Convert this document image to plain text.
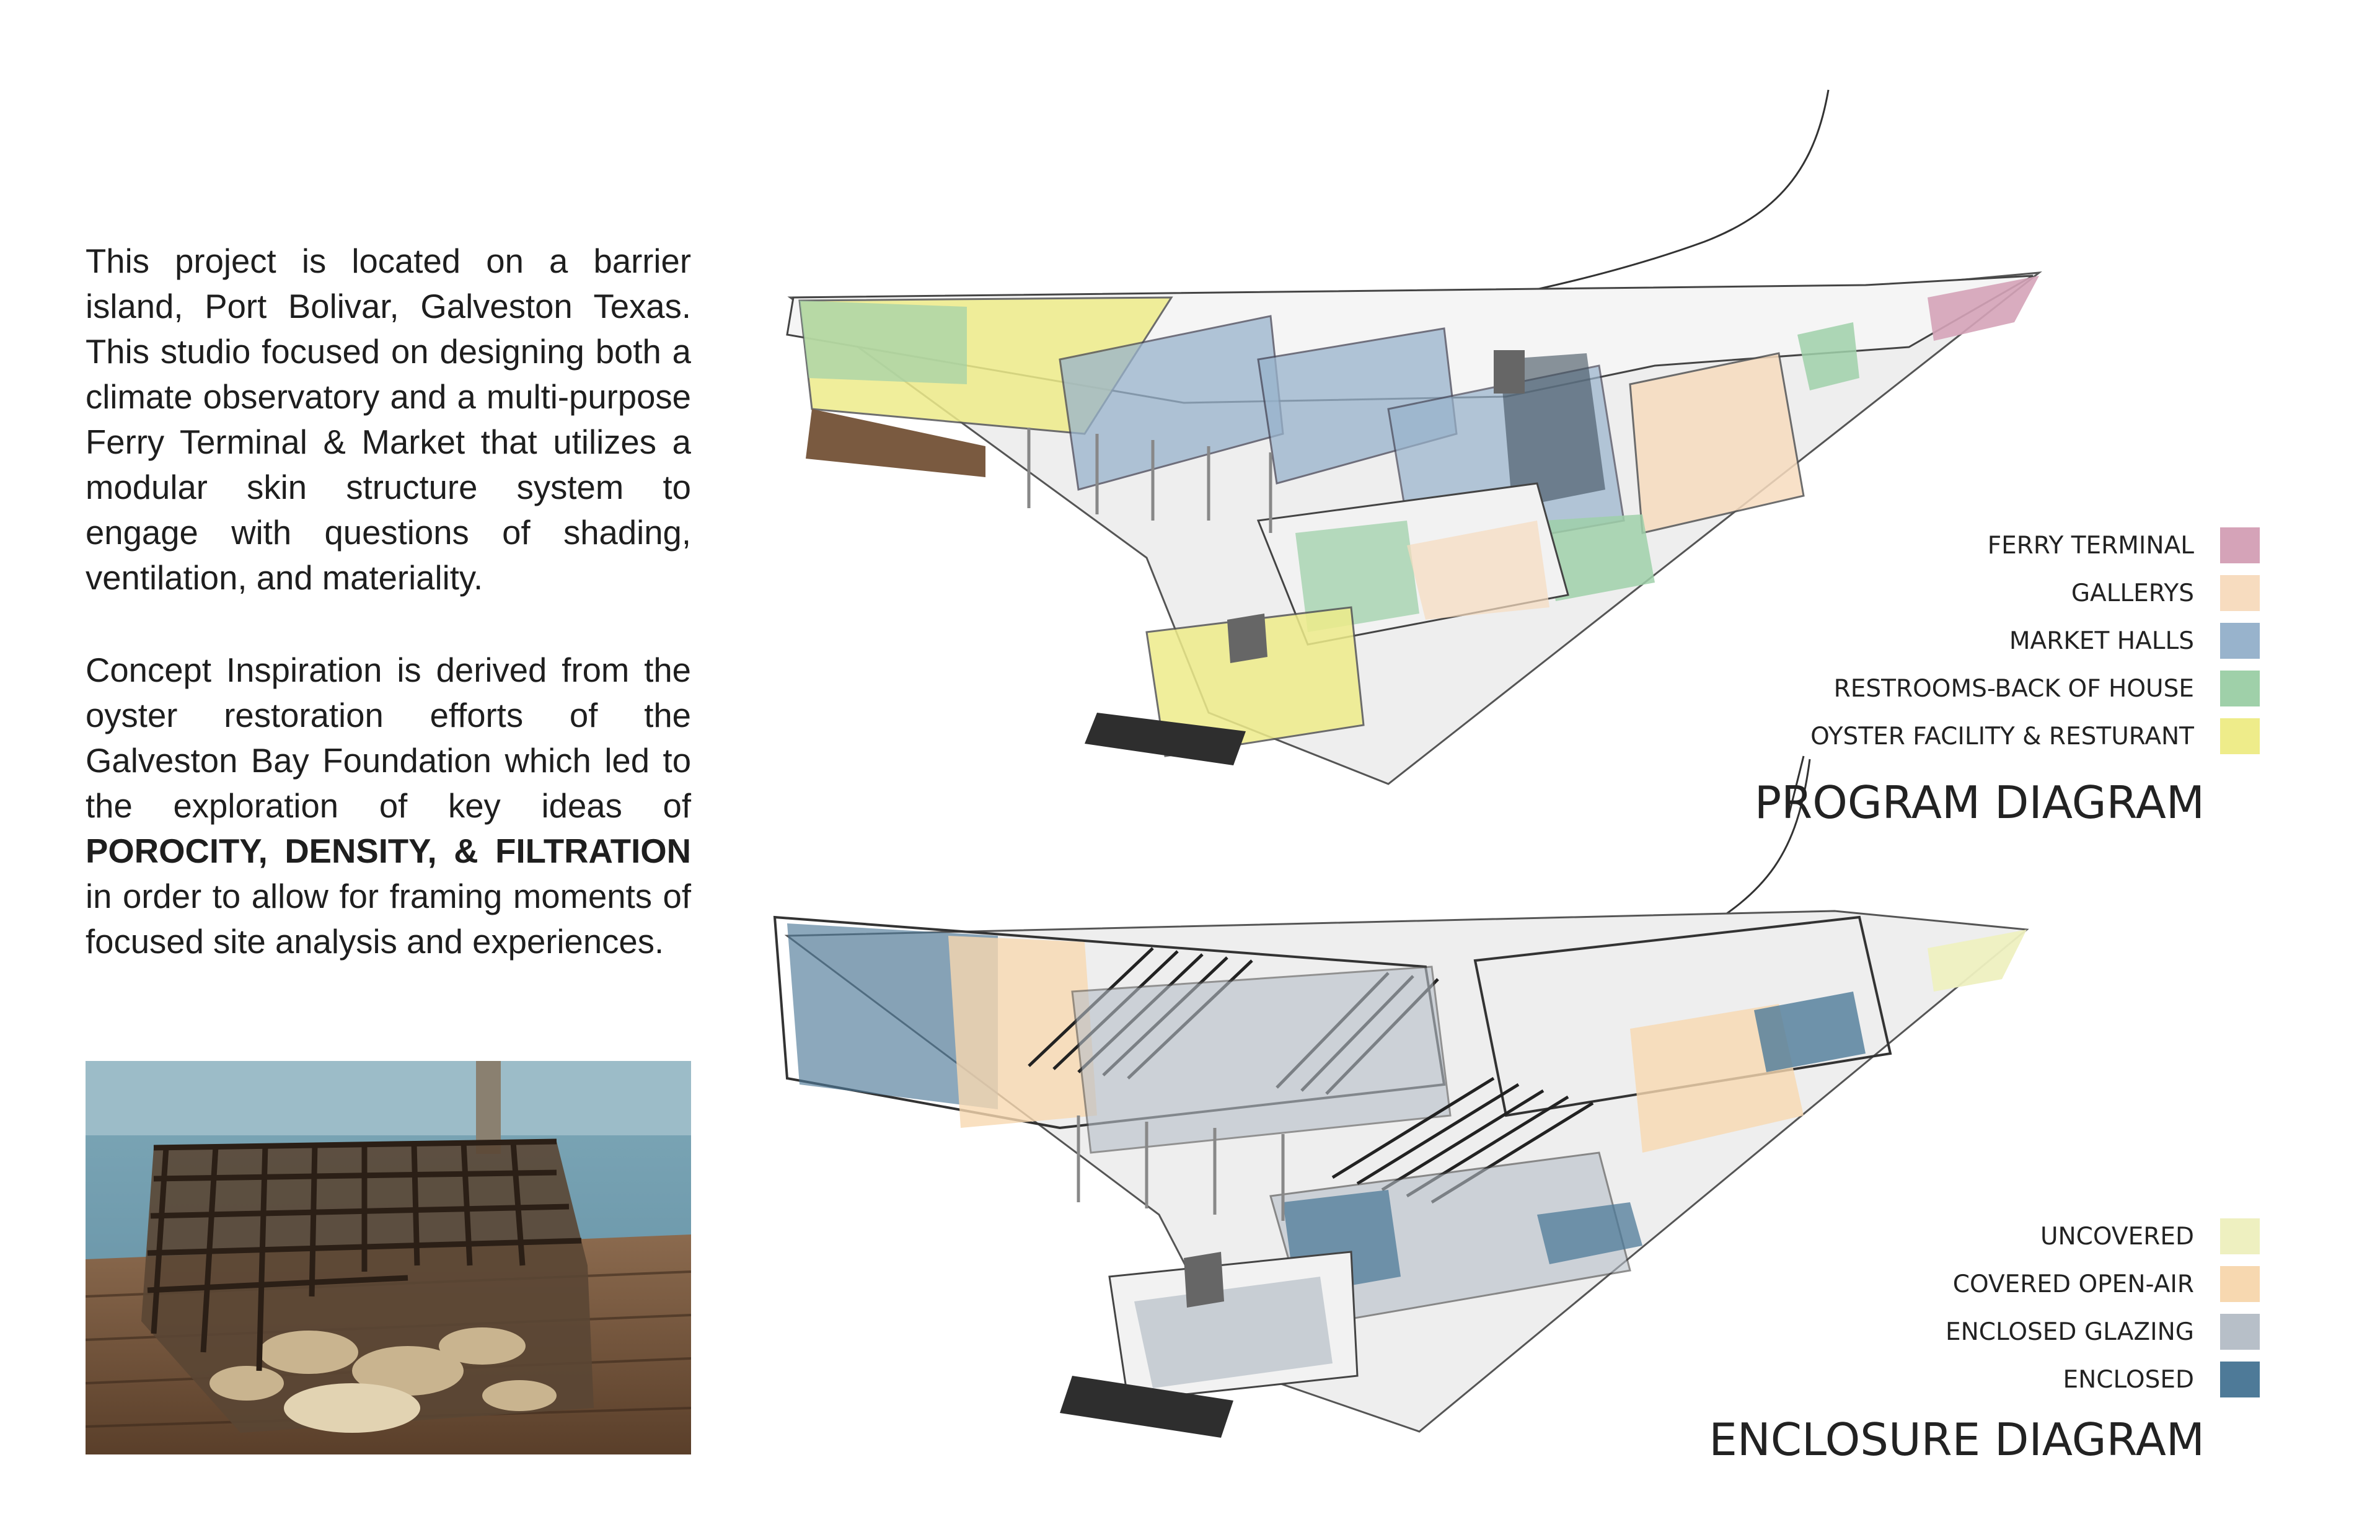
This project is located on a barrier island, Port Bolivar, Galveston Texas. This studio focused on designing both a climate observatory and a multi-purpose Ferry Terminal & Market that utilizes a modular skin structure system to engage with questions of shading, ventilation, and materiality.

Concept Inspiration is derived from the oyster restoration efforts of the Galveston Bay Foundation which led to the exploration of key ideas of POROCITY, DENSITY, & FILTRATION in order to allow for framing moments of focused site analysis and experiences.

FERRY TERMINAL
GALLERYS
MARKET HALLS
RESTROOMS-BACK OF HOUSE
OYSTER FACILITY & RESTURANT
PROGRAM DIAGRAM
UNCOVERED
COVERED OPEN-AIR
ENCLOSED GLAZING
ENCLOSED
ENCLOSURE DIAGRAM
